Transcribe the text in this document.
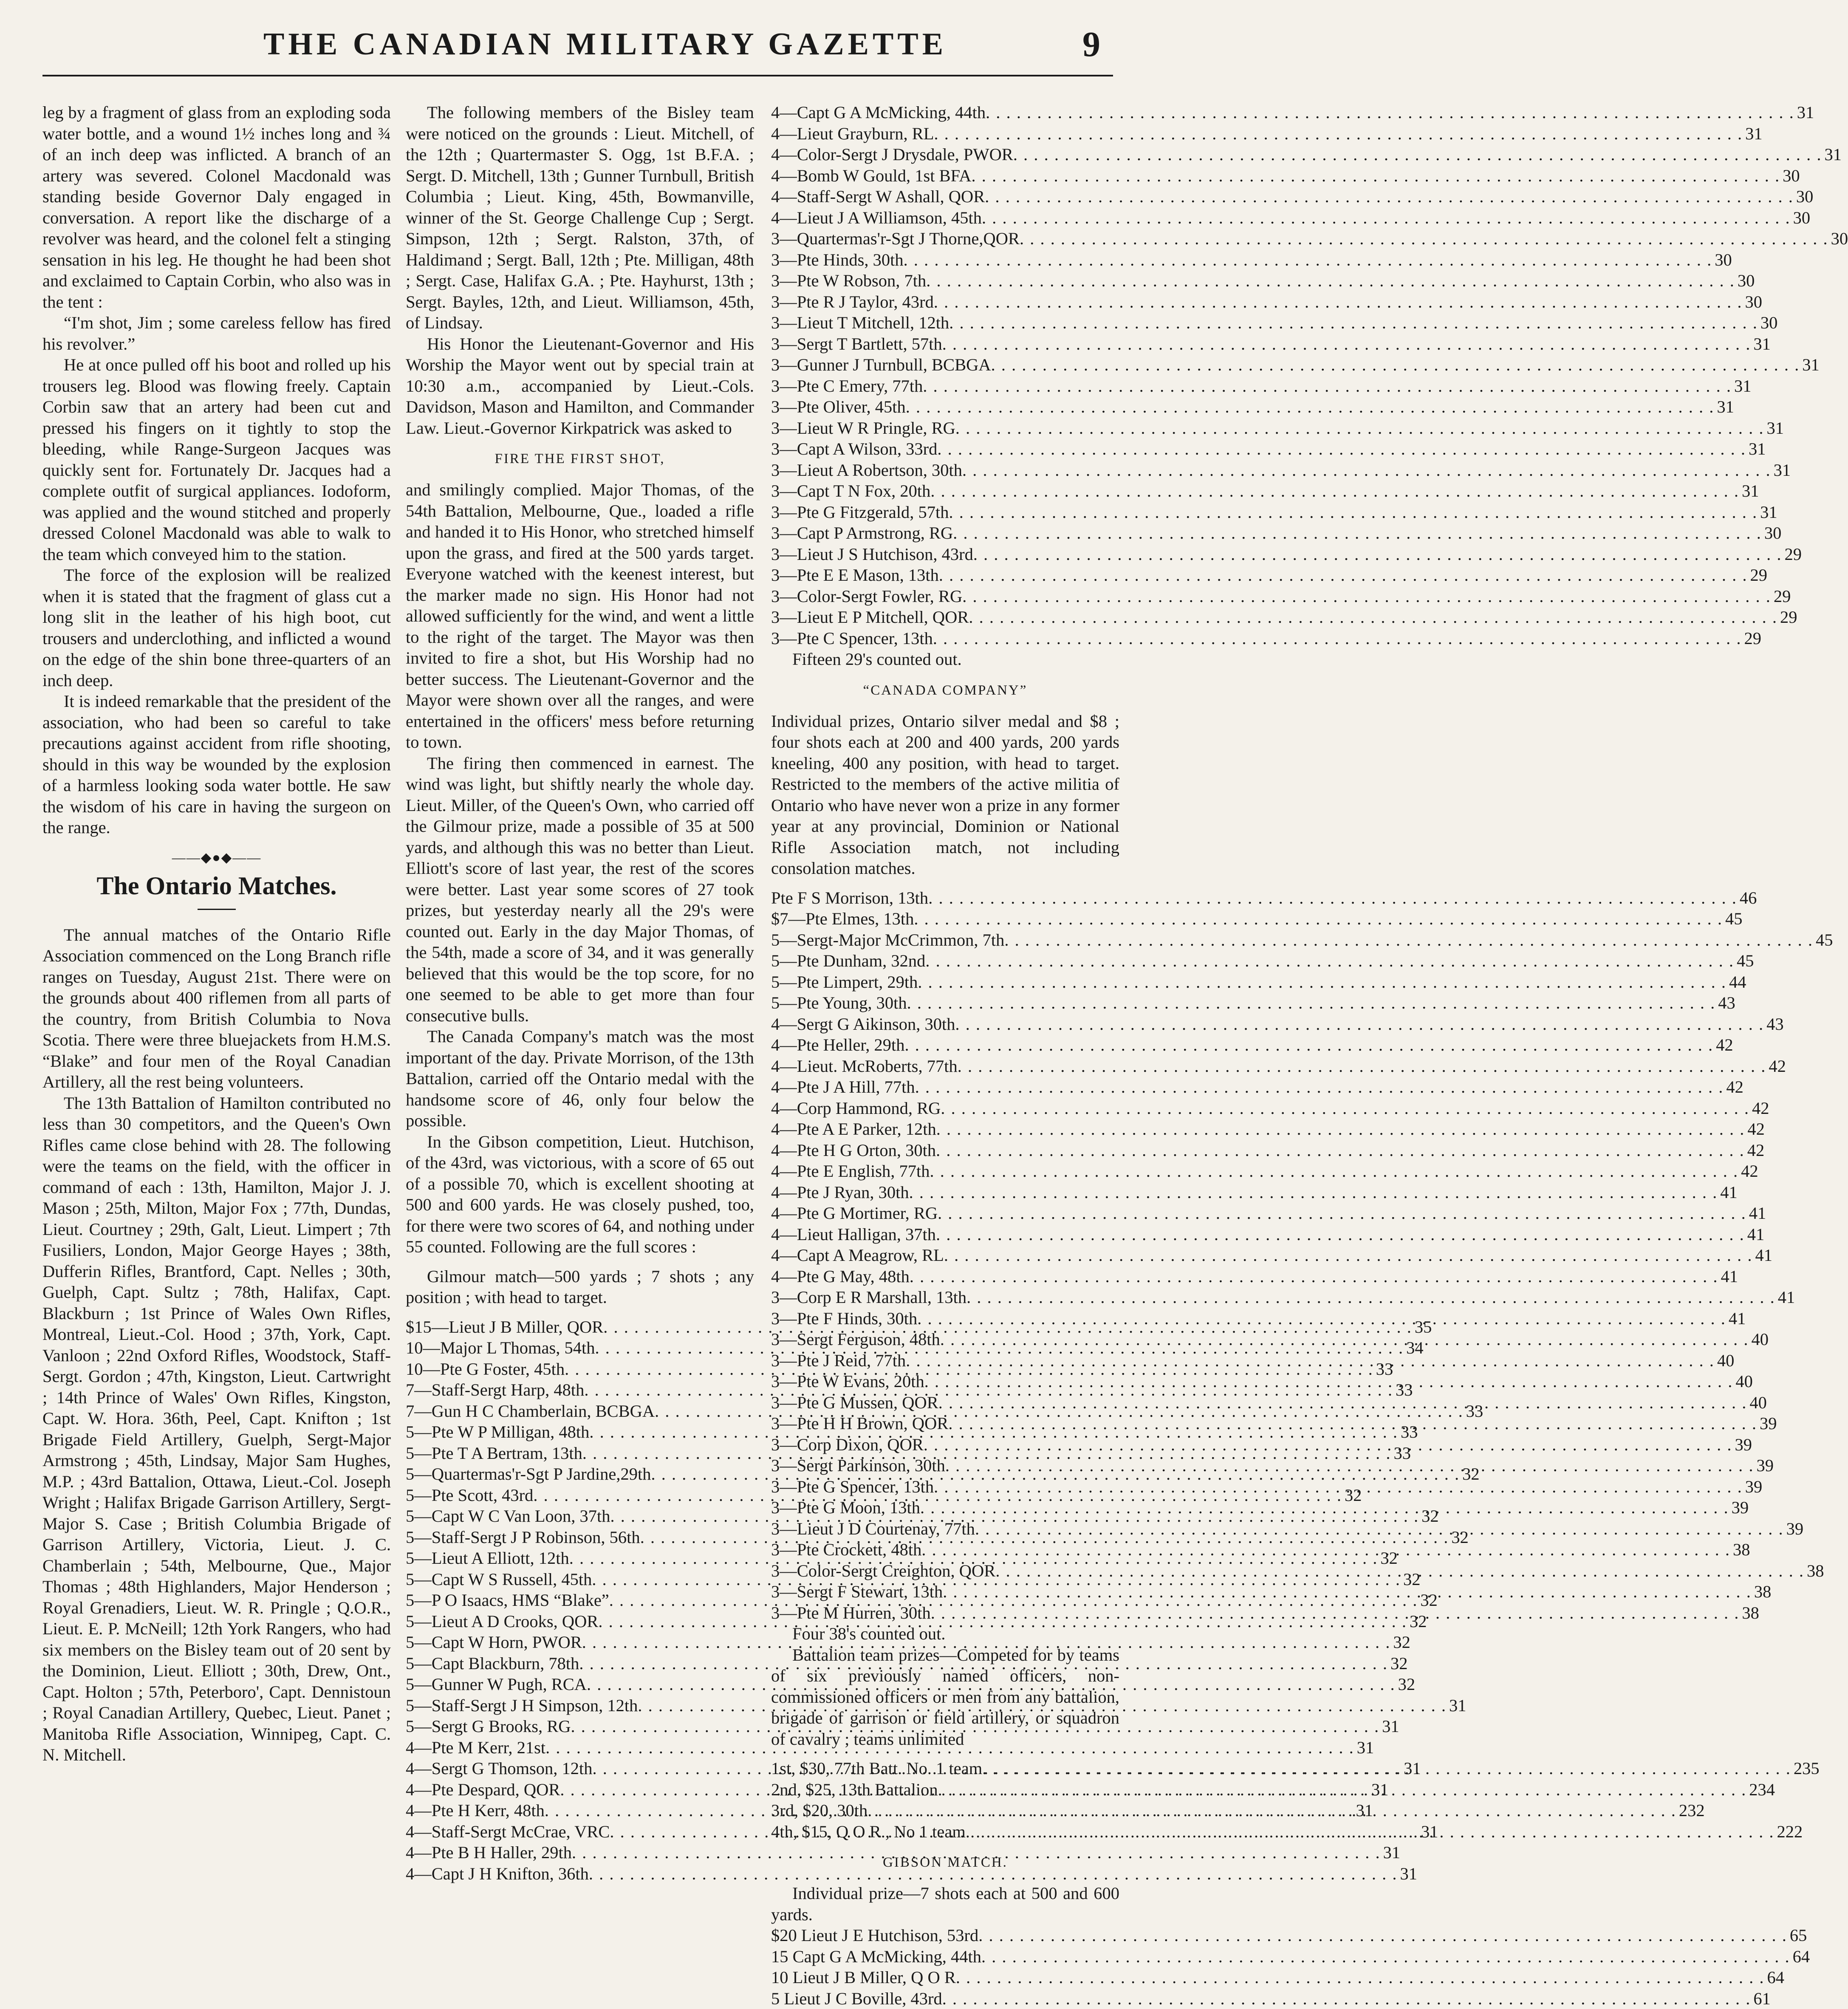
THE CANADIAN MILITARY GAZETTE	9

leg by a fragment of glass from an exploding soda water bottle, and a wound 1½ inches long and ¾ of an inch deep was inflicted. A branch of an artery was severed. Colonel Macdonald was standing beside Governor Daly engaged in conversation. A report like the discharge of a revolver was heard, and the colonel felt a stinging sensation in his leg. He thought he had been shot and exclaimed to Captain Corbin, who also was in the tent :

“I'm shot, Jim ; some careless fellow has fired his revolver.”

He at once pulled off his boot and rolled up his trousers leg. Blood was flowing freely. Captain Corbin saw that an artery had been cut and pressed his fingers on it tightly to stop the bleeding, while Range-Surgeon Jacques was quickly sent for. Fortunately Dr. Jacques had a complete outfit of surgical appliances. Iodoform, was applied and the wound stitched and properly dressed Colonel Macdonald was able to walk to the team which conveyed him to the station.

The force of the explosion will be realized when it is stated that the fragment of glass cut a long slit in the leather of his high boot, cut trousers and underclothing, and inflicted a wound on the edge of the shin bone three-quarters of an inch deep.

It is indeed remarkable that the president of the association, who had been so careful to take precautions against accident from rifle shooting, should in this way be wounded by the explosion of a harmless looking soda water bottle. He saw the wisdom of his care in having the surgeon on the range.

——◆●◆——
The Ontario Matches.

The annual matches of the Ontario Rifle Association commenced on the Long Branch rifle ranges on Tuesday, August 21st. There were on the grounds about 400 riflemen from all parts of the country, from British Columbia to Nova Scotia. There were three bluejackets from H.M.S. “Blake” and four men of the Royal Canadian Artillery, all the rest being volunteers.

The 13th Battalion of Hamilton contributed no less than 30 competitors, and the Queen's Own Rifles came close behind with 28. The following were the teams on the field, with the officer in command of each : 13th, Hamilton, Major J. J. Mason ; 25th, Milton, Major Fox ; 77th, Dundas, Lieut. Courtney ; 29th, Galt, Lieut. Limpert ; 7th Fusiliers, London, Major George Hayes ; 38th, Dufferin Rifles, Brantford, Capt. Nelles ; 30th, Guelph, Capt. Sultz ; 78th, Halifax, Capt. Blackburn ; 1st Prince of Wales Own Rifles, Montreal, Lieut.-Col. Hood ; 37th, York, Capt. Vanloon ; 22nd Oxford Rifles, Woodstock, Staff-Sergt. Gordon ; 47th, Kingston, Lieut. Cartwright ; 14th Prince of Wales' Own Rifles, Kingston, Capt. W. Hora. 36th, Peel, Capt. Knifton ; 1st Brigade Field Artillery, Guelph, Sergt-Major Armstrong ; 45th, Lindsay, Major Sam Hughes, M.P. ; 43rd Battalion, Ottawa, Lieut.-Col. Joseph Wright ; Halifax Brigade Garrison Artillery, Sergt-Major S. Case ; British Columbia Brigade of Garrison Artillery, Victoria, Lieut. J. C. Chamberlain ; 54th, Melbourne, Que., Major Thomas ; 48th Highlanders, Major Henderson ; Royal Grenadiers, Lieut. W. R. Pringle ; Q.O.R., Lieut. E. P. McNeill; 12th York Rangers, who had six members on the Bisley team out of 20 sent by the Dominion, Lieut. Elliott ; 30th, Drew, Ont., Capt. Holton ; 57th, Peterboro', Capt. Dennistoun ; Royal Canadian Artillery, Quebec, Lieut. Panet ; Manitoba Rifle Association, Winnipeg, Capt. C. N. Mitchell.

The following members of the Bisley team were noticed on the grounds : Lieut. Mitchell, of the 12th ; Quartermaster S. Ogg, 1st B.F.A. ; Sergt. D. Mitchell, 13th ; Gunner Turnbull, British Columbia ; Lieut. King, 45th, Bowmanville, winner of the St. George Challenge Cup ; Sergt. Simpson, 12th ; Sergt. Ralston, 37th, of Haldimand ; Sergt. Ball, 12th ; Pte. Milligan, 48th ; Sergt. Case, Halifax G.A. ; Pte. Hayhurst, 13th ; Sergt. Bayles, 12th, and Lieut. Williamson, 45th, of Lindsay.

His Honor the Lieutenant-Governor and His Worship the Mayor went out by special train at 10:30 a.m., accompanied by Lieut.-Cols. Davidson, Mason and Hamilton, and Commander Law. Lieut.-Governor Kirkpatrick was asked to

FIRE THE FIRST SHOT,

and smilingly complied. Major Thomas, of the 54th Battalion, Melbourne, Que., loaded a rifle and handed it to His Honor, who stretched himself upon the grass, and fired at the 500 yards target. Everyone watched with the keenest interest, but the marker made no sign. His Honor had not allowed sufficiently for the wind, and went a little to the right of the target. The Mayor was then invited to fire a shot, but His Worship had no better success. The Lieutenant-Governor and the Mayor were shown over all the ranges, and were entertained in the officers' mess before returning to town.

The firing then commenced in earnest. The wind was light, but shiftly nearly the whole day. Lieut. Miller, of the Queen's Own, who carried off the Gilmour prize, made a possible of 35 at 500 yards, and although this was no better than Lieut. Elliott's score of last year, the rest of the scores were better. Last year some scores of 27 took prizes, but yesterday nearly all the 29's were counted out. Early in the day Major Thomas, of the 54th, made a score of 34, and it was generally believed that this would be the top score, for no one seemed to be able to get more than four consecutive bulls.

The Canada Company's match was the most important of the day. Private Morrison, of the 13th Battalion, carried off the Ontario medal with the handsome score of 46, only four below the possible.

In the Gibson competition, Lieut. Hutchison, of the 43rd, was victorious, with a score of 65 out of a possible 70, which is excellent shooting at 500 and 600 yards. He was closely pushed, too, for there were two scores of 64, and nothing under 55 counted. Following are the full scores :

Gilmour match—500 yards ; 7 shots ; any position ; with head to target.

$15—Lieut J B Miller, QOR . . .	35
10—Major L Thomas, 54th . . .	34
10—Pte G Foster, 45th . . .	33
7—Staff-Sergt Harp, 48th . . .	33
7—Gun H C Chamberlain, BCBGA . . .	33
5—Pte W P Milligan, 48th . . .	33
5—Pte T A Bertram, 13th . . .	33
5—Quartermas'r-Sgt P Jardine,29th . . .	32
5—Pte Scott, 43rd . . .	32
5—Capt W C Van Loon, 37th . . .	32
5—Staff-Sergt J P Robinson, 56th . . .	32
5—Lieut A Elliott, 12th . . .	32
5—Capt W S Russell, 45th . . .	32
5—P O Isaacs, HMS “Blake” . . .	32
5—Lieut A D Crooks, QOR . . .	32
5—Capt W Horn, PWOR . . .	32
5—Capt Blackburn, 78th . . .	32
5—Gunner W Pugh, RCA . . .	32
5—Staff-Sergt J H Simpson, 12th . . .	31
5—Sergt G Brooks, RG . . .	31
4—Pte M Kerr, 21st . . .	31
4—Sergt G Thomson, 12th . . .	31
4—Pte Despard, QOR . . .	31
4—Pte H Kerr, 48th . . .	31
4—Staff-Sergt McCrae, VRC . . .	31
4—Pte B H Haller, 29th . . .	31
4—Capt J H Knifton, 36th . . .	31
4—Capt G A McMicking, 44th . . .	31
4—Lieut Grayburn, RL . . .	31
4—Color-Sergt J Drysdale, PWOR . . .	31
4—Bomb W Gould, 1st BFA . . .	30
4—Staff-Sergt W Ashall, QOR . . .	30
4—Lieut J A Williamson, 45th . . .	30
3—Quartermas'r-Sgt J Thorne,QOR . . .	30
3—Pte Hinds, 30th . . .	30
3—Pte W Robson, 7th . . .	30
3—Pte R J Taylor, 43rd . . .	30
3—Lieut T Mitchell, 12th . . .	30
3—Sergt T Bartlett, 57th . . .	31
3—Gunner J Turnbull, BCBGA . . .	31
3—Pte C Emery, 77th . . .	31
3—Pte Oliver, 45th . . .	31
3—Lieut W R Pringle, RG . . .	31
3—Capt A Wilson, 33rd . . .	31
3—Lieut A Robertson, 30th . . .	31
3—Capt T N Fox, 20th . . .	31
3—Pte G Fitzgerald, 57th . . .	31
3—Capt P Armstrong, RG . . .	30
3—Lieut J S Hutchison, 43rd . . .	29
3—Pte E E Mason, 13th . . .	29
3—Color-Sergt Fowler, RG . . .	29
3—Lieut E P Mitchell, QOR . . .	29
3—Pte C Spencer, 13th . . .	29

Fifteen 29's counted out.

“CANADA COMPANY”

Individual prizes, Ontario silver medal and $8 ; four shots each at 200 and 400 yards, 200 yards kneeling, 400 any position, with head to target. Restricted to the members of the active militia of Ontario who have never won a prize in any former year at any provincial, Dominion or National Rifle Association match, not including consolation matches.

Pte F S Morrison, 13th . . .	46
$7—Pte Elmes, 13th . . .	45
5—Sergt-Major McCrimmon, 7th . . .	45
5—Pte Dunham, 32nd . . .	45
5—Pte Limpert, 29th . . .	44
5—Pte Young, 30th . . .	43
4—Sergt G Aikinson, 30th . . .	43
4—Pte Heller, 29th . . .	42
4—Lieut. McRoberts, 77th . . .	42
4—Pte J A Hill, 77th . . .	42
4—Corp Hammond, RG . . .	42
4—Pte A E Parker, 12th . . .	42
4—Pte H G Orton, 30th . . .	42
4—Pte E English, 77th . . .	42
4—Pte J Ryan, 30th . . .	41
4—Pte G Mortimer, RG . . .	41
4—Lieut Halligan, 37th . . .	41
4—Capt A Meagrow, RL . . .	41
4—Pte G May, 48th . . .	41
3—Corp E R Marshall, 13th . . .	41
3—Pte F Hinds, 30th . . .	41
3—Sergt Ferguson, 48th . . .	40
3—Pte J Reid, 77th . . .	40
3—Pte W Evans, 20th . . .	40
3—Pte G Mussen, QOR . . .	40
3—Pte H H Brown, QOR . . .	39
3—Corp Dixon, QOR . . .	39
3—Sergt Parkinson, 30th . . .	39
3—Pte G Spencer, 13th . . .	39
3—Pte G Moon, 13th . . .	39
3—Lieut J D Courtenay, 77th . . .	39
3—Pte Crockett, 48th . . .	38
3—Color-Sergt Creighton, QOR . . .	38
3—Sergt F Stewart, 13th . . .	38
3—Pte M Hurren, 30th . . .	38

Four 38's counted out.

Battalion team prizes—Competed for by teams of six previously named officers, non-commissioned officers or men from any battalion, brigade of garrison or field artillery, or squadron of cavalry ; teams unlimited

1st, $30, 77th Batt. No. 1 team . . .	235
2nd, $25, 13th Battalion . . .	234
3rd, $20, 30th . . .	232
4th, $15, Q O R., No 1 team . . .	222
GIBSON MATCH.

Individual prize—7 shots each at 500 and 600 yards.

$20 Lieut J E Hutchison, 53rd . . .	65
15 Capt G A McMicking, 44th . . .	64
10 Lieut J B Miller, Q O R . . .	64
5 Lieut J C Boville, 43rd . . .	61
